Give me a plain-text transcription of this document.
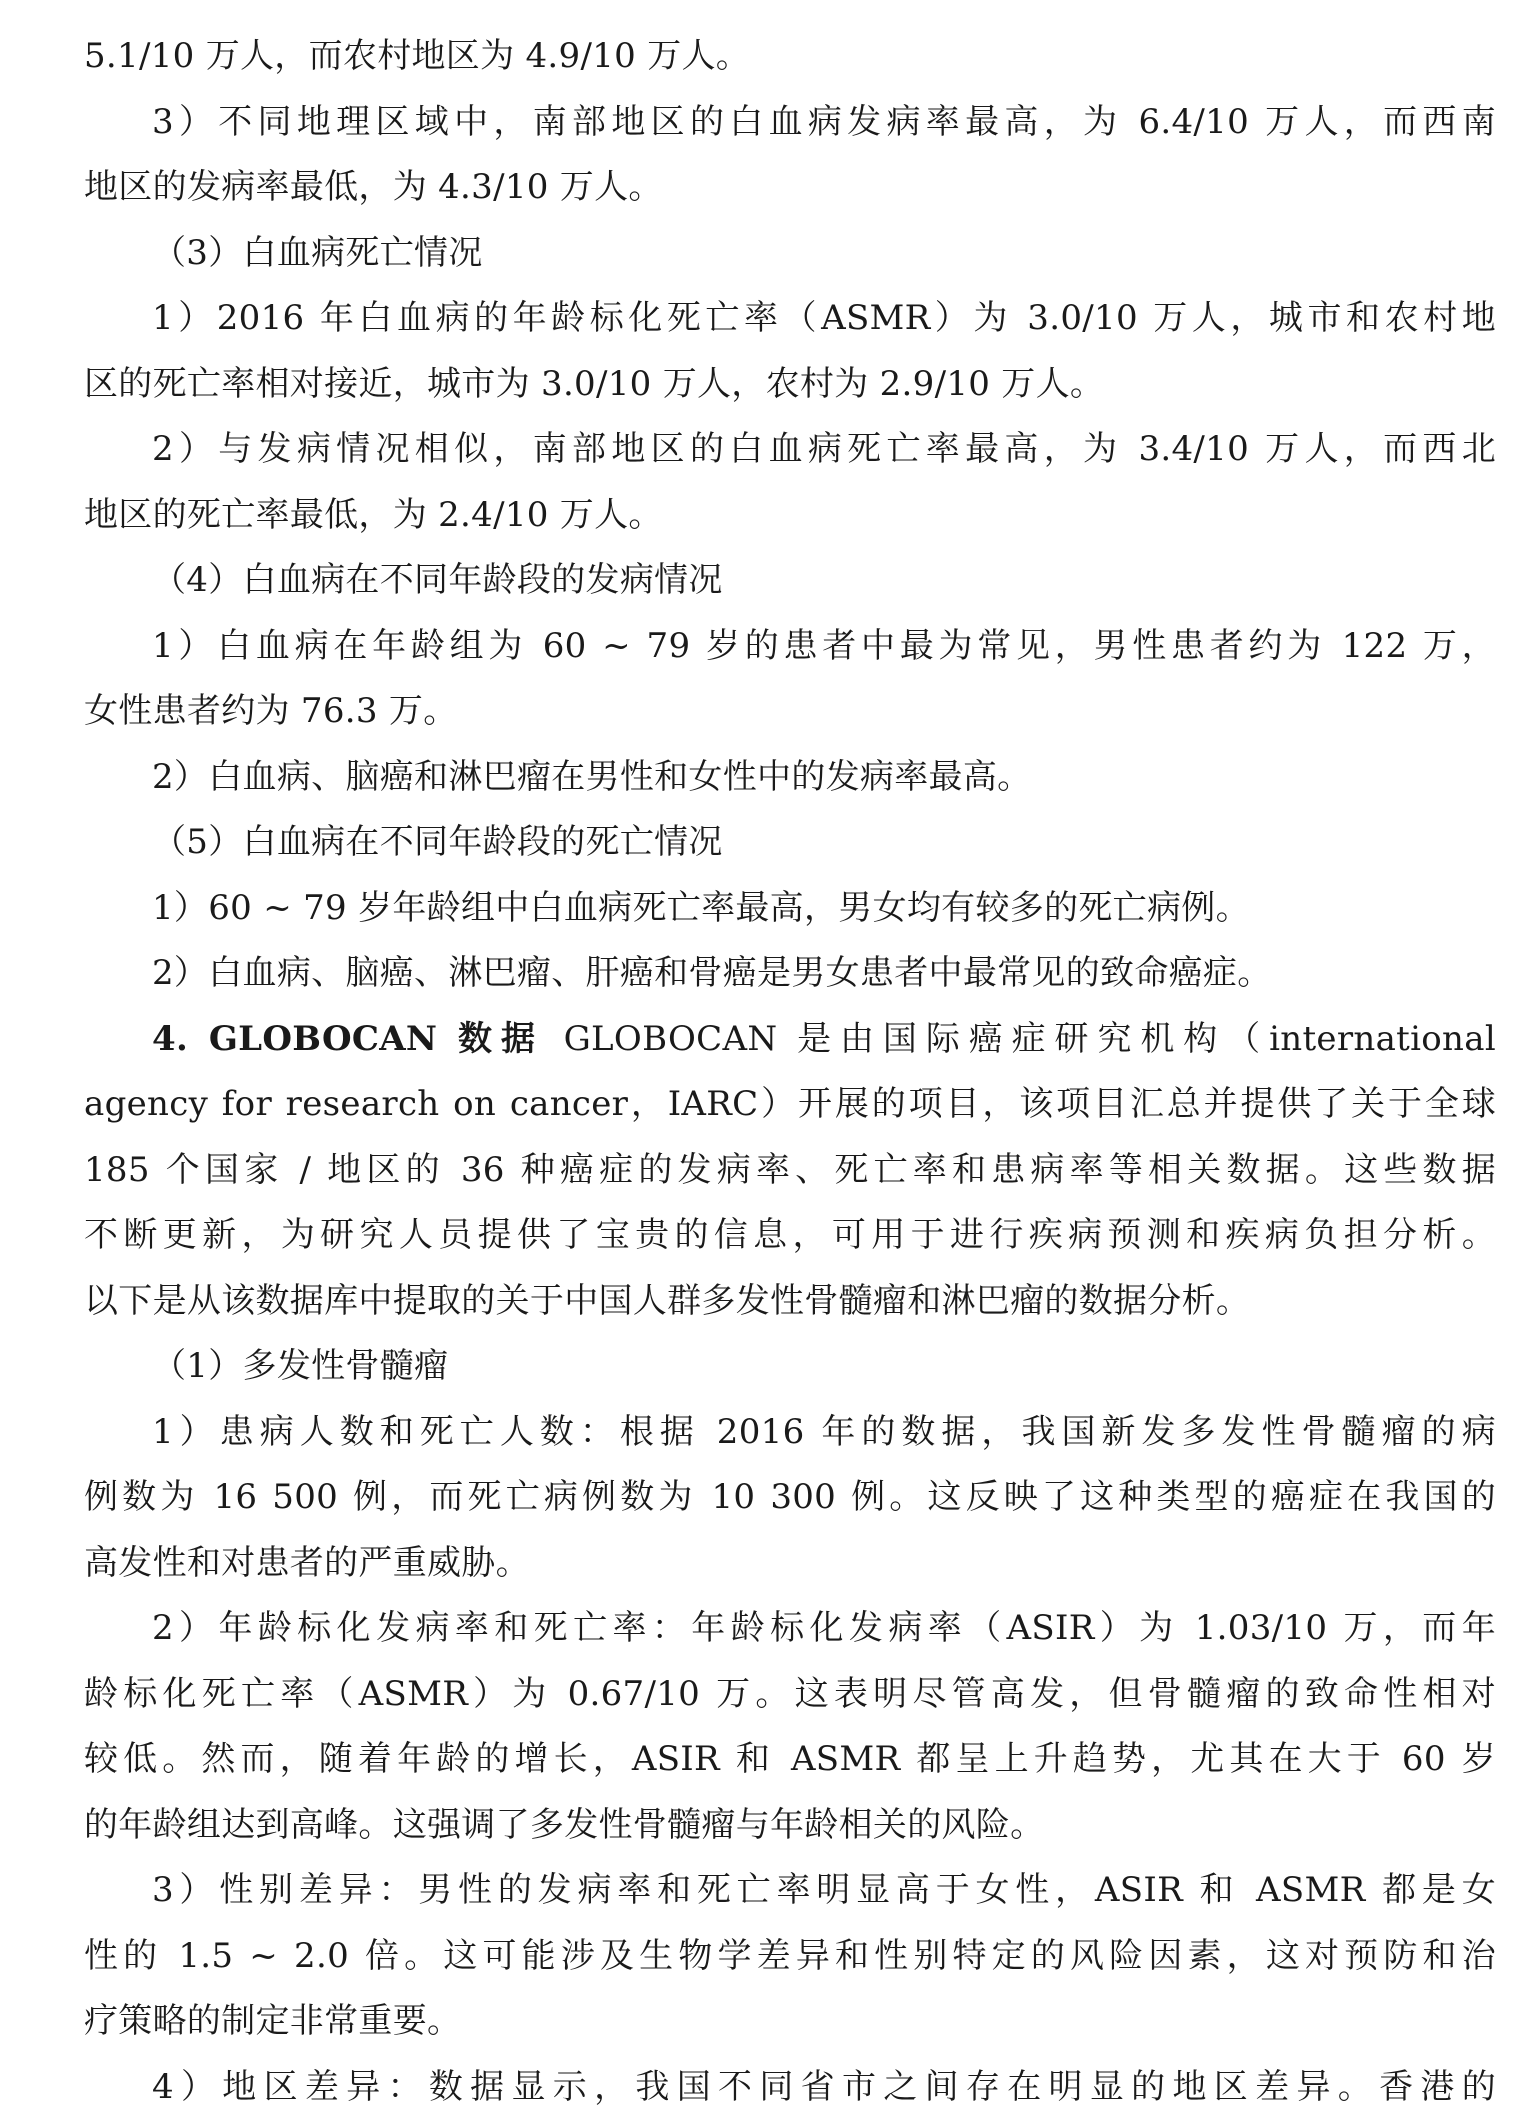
5.1/10 万人，而农村地区为 4.9/10 万人。
3）不同地理区域中，南部地区的白血病发病率最高，为 6.4/10 万人，而西南
地区的发病率最低，为 4.3/10 万人。
（3）白血病死亡情况
1）2016 年白血病的年龄标化死亡率（ASMR）为 3.0/10 万人，城市和农村地
区的死亡率相对接近，城市为 3.0/10 万人，农村为 2.9/10 万人。
2）与发病情况相似，南部地区的白血病死亡率最高，为 3.4/10 万人，而西北
地区的死亡率最低，为 2.4/10 万人。
（4）白血病在不同年龄段的发病情况
1）白血病在年龄组为 60 ~ 79 岁的患者中最为常见，男性患者约为 122 万，
女性患者约为 76.3 万。
2）白血病、脑癌和淋巴瘤在男性和女性中的发病率最高。
（5）白血病在不同年龄段的死亡情况
1）60 ~ 79 岁年龄组中白血病死亡率最高，男女均有较多的死亡病例。
2）白血病、脑癌、淋巴瘤、肝癌和骨癌是男女患者中最常见的致命癌症。
4. GLOBOCAN 数据 GLOBOCAN 是由国际癌症研究机构（international
agency for research on cancer，IARC）开展的项目，该项目汇总并提供了关于全球
185 个国家 / 地区的 36 种癌症的发病率、死亡率和患病率等相关数据。这些数据
不断更新，为研究人员提供了宝贵的信息，可用于进行疾病预测和疾病负担分析。
以下是从该数据库中提取的关于中国人群多发性骨髓瘤和淋巴瘤的数据分析。
（1）多发性骨髓瘤
1）患病人数和死亡人数：根据 2016 年的数据，我国新发多发性骨髓瘤的病
例数为 16 500 例，而死亡病例数为 10 300 例。这反映了这种类型的癌症在我国的
高发性和对患者的严重威胁。
2）年龄标化发病率和死亡率：年龄标化发病率（ASIR）为 1.03/10 万，而年
龄标化死亡率（ASMR）为 0.67/10 万。这表明尽管高发，但骨髓瘤的致命性相对
较低。然而，随着年龄的增长，ASIR 和 ASMR 都呈上升趋势，尤其在大于 60 岁
的年龄组达到高峰。这强调了多发性骨髓瘤与年龄相关的风险。
3）性别差异：男性的发病率和死亡率明显高于女性，ASIR 和 ASMR 都是女
性的 1.5 ~ 2.0 倍。这可能涉及生物学差异和性别特定的风险因素，这对预防和治
疗策略的制定非常重要。
4）地区差异：数据显示，我国不同省市之间存在明显的地区差异。香港的
